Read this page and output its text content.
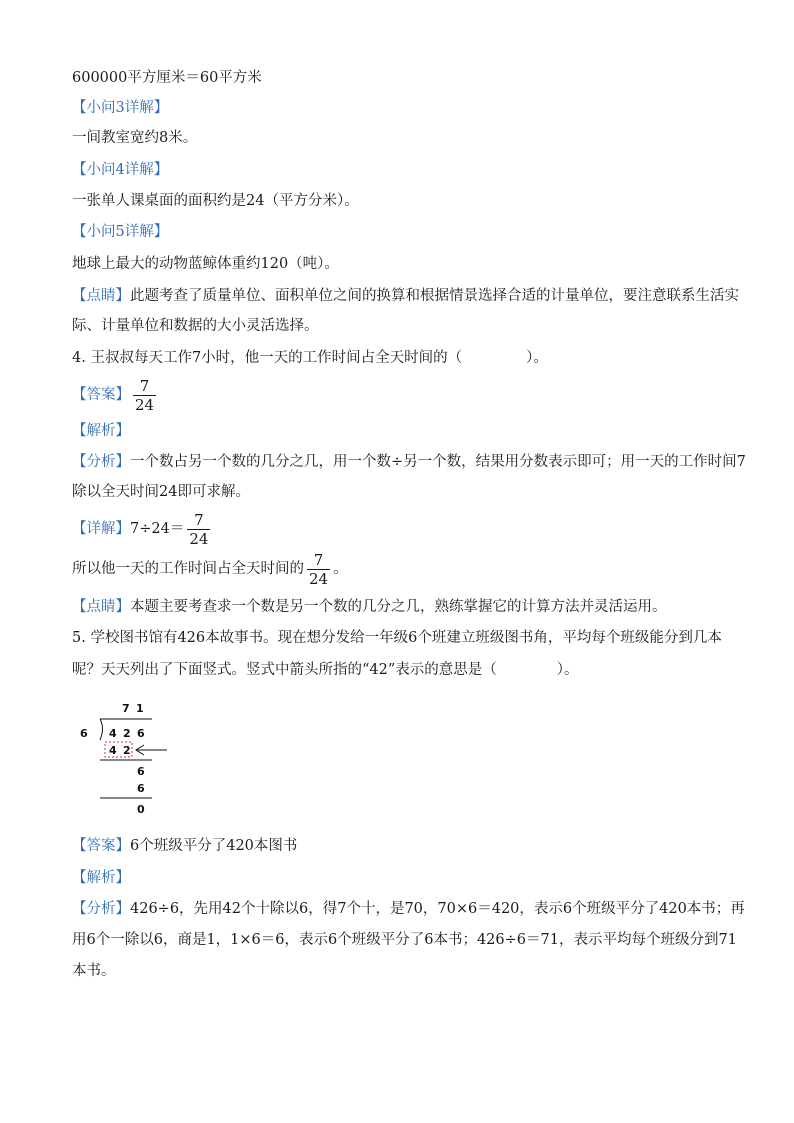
600000平方厘米＝60平方米
【小问3详解】
一间教室宽约8米。
【小问4详解】
一张单人课桌面的面积约是24（平方分米）。
【小问5详解】
地球上最大的动物蓝鲸体重约120（吨）。
【点睛】此题考查了质量单位、面积单位之间的换算和根据情景选择合适的计量单位，要注意联系生活实
际、计量单位和数据的大小灵活选择。
4. 王叔叔每天工作7小时，他一天的工作时间占全天时间的（	）。
【答案】 $\frac{7}{24}$
【解析】
【分析】一个数占另一个数的几分之几，用一个数÷另一个数，结果用分数表示即可；用一天的工作时间7
除以全天时间24即可求解。
【详解】$7\div 24= \frac{7}{24}$
所以他一天的工作时间占全天时间的 $\frac{7}{24}$ 。
【点睛】本题主要考查求一个数是另一个数的几分之几，熟练掌握它的计算方法并灵活运用。
5. 学校图书馆有426本故事书。现在想分发给一年级6个班建立班级图书角，平均每个班级能分到几本
呢？天天列出了下面竖式。竖式中箭头所指的“42”表示的意思是（	）。
7 1
6 4 2 6
4 2
6
6
0
【答案】6个班级平分了420本图书
【解析】
【分析】426÷6，先用42个十除以6，得7个十，是70，70×6＝420，表示6个班级平分了420本书；再
用6个一除以6，商是1，1×6＝6，表示6个班级平分了6本书；426÷6＝71，表示平均每个班级分到71
本书。
